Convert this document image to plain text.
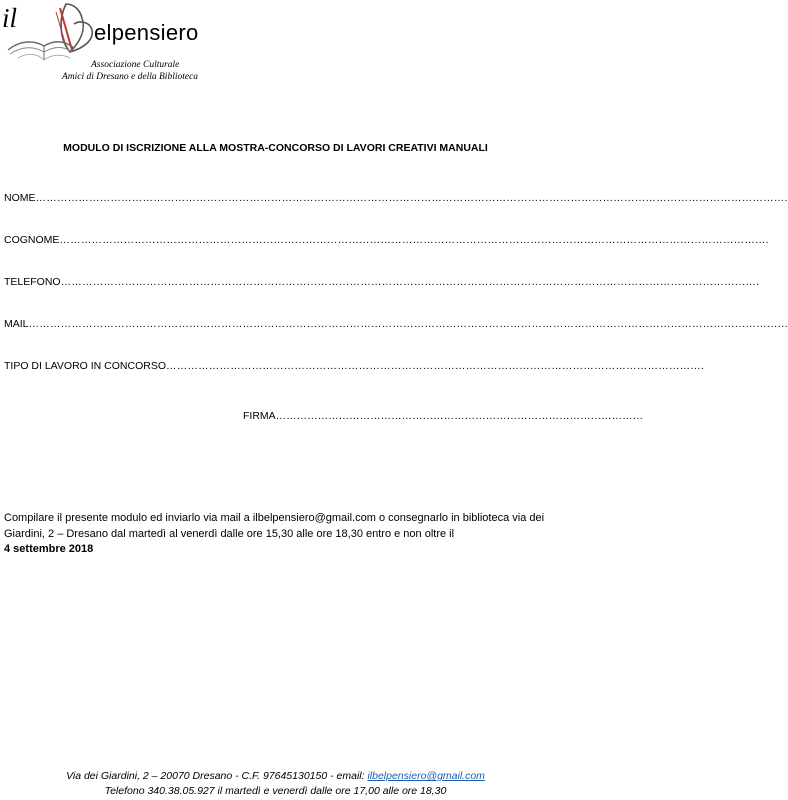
il	elpensiero
Associazione Culturale
Amici di Dresano e della Biblioteca
MODULO DI ISCRIZIONE ALLA MOSTRA-CONCORSO DI LAVORI CREATIVI MANUALI
NOME………………………………………………………………………………………………………………………………………………………………………………………….
COGNOME……………………………………………………………………………………………………………………………………………………………………………….
TELEFONO…………………………………………………………………………………………………………………………………………………………………………….
MAIL……………………………………………………………………………………………………………………………………………………………………………………………
TIPO DI LAVORO IN CONCORSO…………………………………………………………………………………………………………………………………….
FIRMA……………………………………………………………………………………………
Compilare il presente modulo ed inviarlo via mail a ilbelpensiero@gmail.com o consegnarlo in biblioteca via dei Giardini, 2 – Dresano dal martedì al venerdì dalle ore 15,30 alle ore 18,30 entro e non oltre il
4 settembre 2018
Via dei Giardini, 2 – 20070 Dresano - C.F. 97645130150 - email: ilbelpensiero@gmail.com
Telefono 340.38.05.927 il martedì e venerdì dalle ore 17,00 alle ore 18,30
